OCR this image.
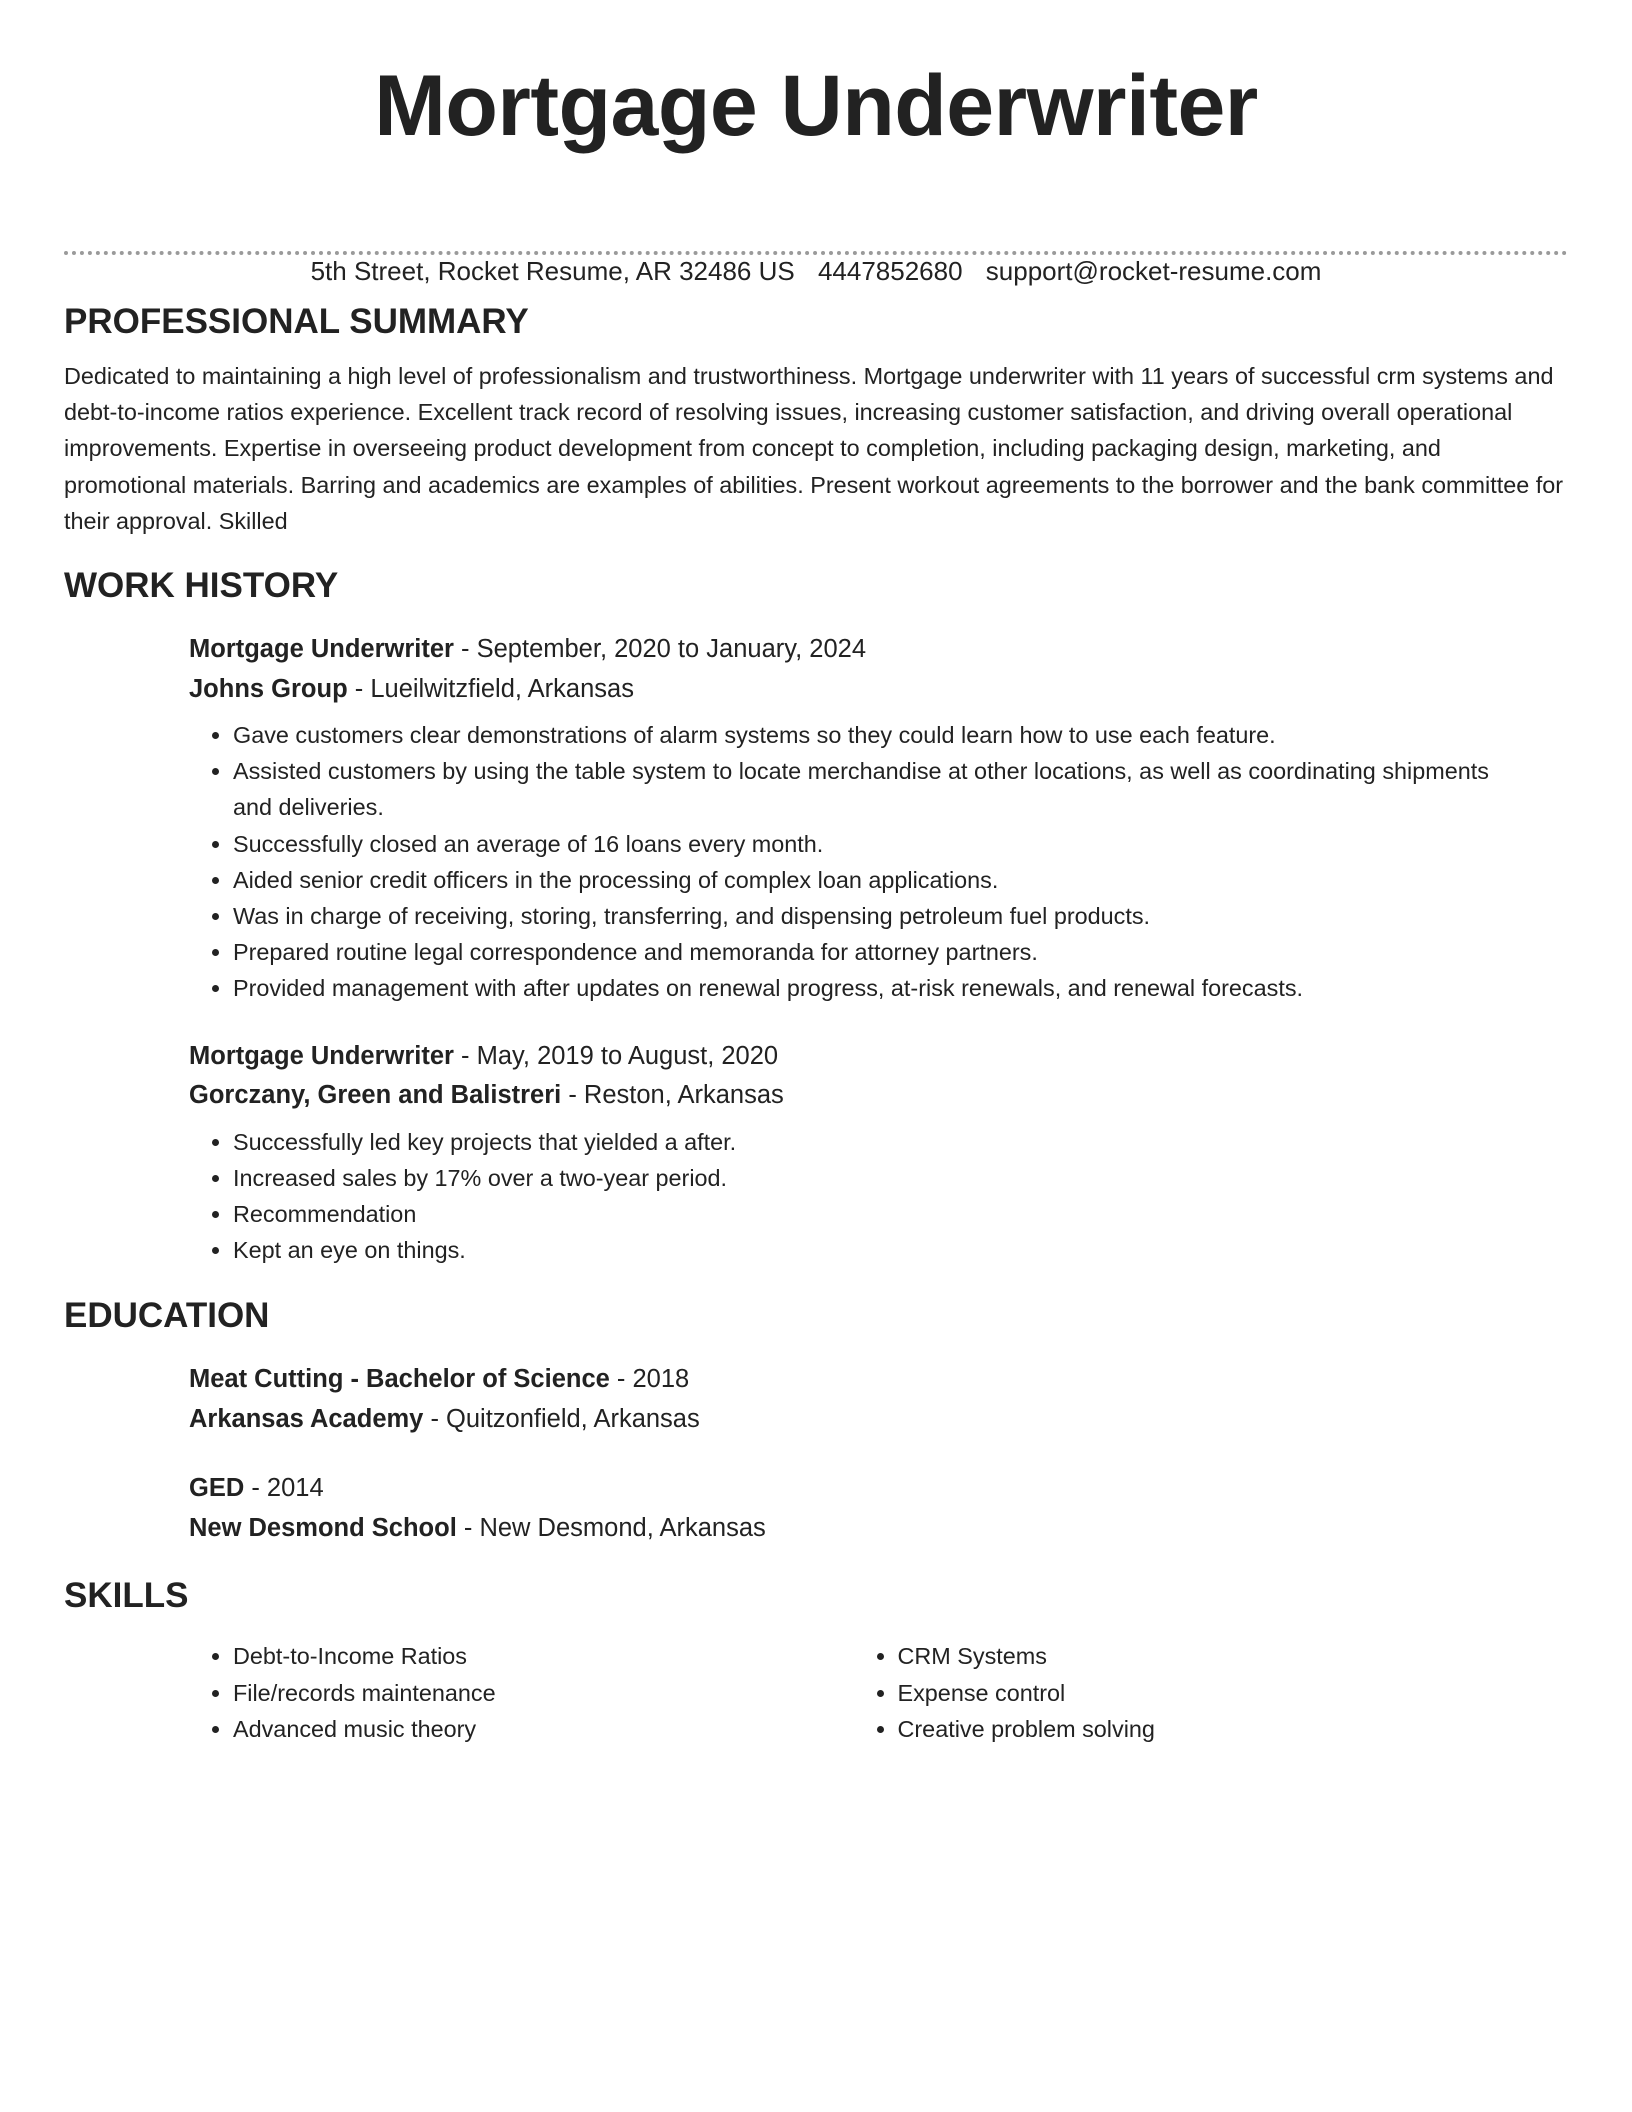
Mortgage Underwriter
5th Street, Rocket Resume, AR 32486 US 4447852680 support@rocket-resume.com
PROFESSIONAL SUMMARY

Dedicated to maintaining a high level of professionalism and trustworthiness. Mortgage underwriter with 11 years of successful crm systems and debt-to-income ratios experience. Excellent track record of resolving issues, increasing customer satisfaction, and driving overall operational improvements. Expertise in overseeing product development from concept to completion, including packaging design, marketing, and promotional materials. Barring and academics are examples of abilities. Present workout agreements to the borrower and the bank committee for their approval. Skilled

WORK HISTORY
Mortgage Underwriter - September, 2020 to January, 2024
Johns Group - Lueilwitzfield, Arkansas
• Gave customers clear demonstrations of alarm systems so they could learn how to use each feature.
• Assisted customers by using the table system to locate merchandise at other locations, as well as coordinating shipments and deliveries.
• Successfully closed an average of 16 loans every month.
• Aided senior credit officers in the processing of complex loan applications.
• Was in charge of receiving, storing, transferring, and dispensing petroleum fuel products.
• Prepared routine legal correspondence and memoranda for attorney partners.
• Provided management with after updates on renewal progress, at-risk renewals, and renewal forecasts.
Mortgage Underwriter - May, 2019 to August, 2020
Gorczany, Green and Balistreri - Reston, Arkansas
• Successfully led key projects that yielded a after.
• Increased sales by 17% over a two-year period.
• Recommendation
• Kept an eye on things.
EDUCATION
Meat Cutting - Bachelor of Science - 2018
Arkansas Academy - Quitzonfield, Arkansas
GED - 2014
New Desmond School - New Desmond, Arkansas
SKILLS
• Debt-to-Income Ratios
• File/records maintenance
• Advanced music theory
• CRM Systems
• Expense control
• Creative problem solving
